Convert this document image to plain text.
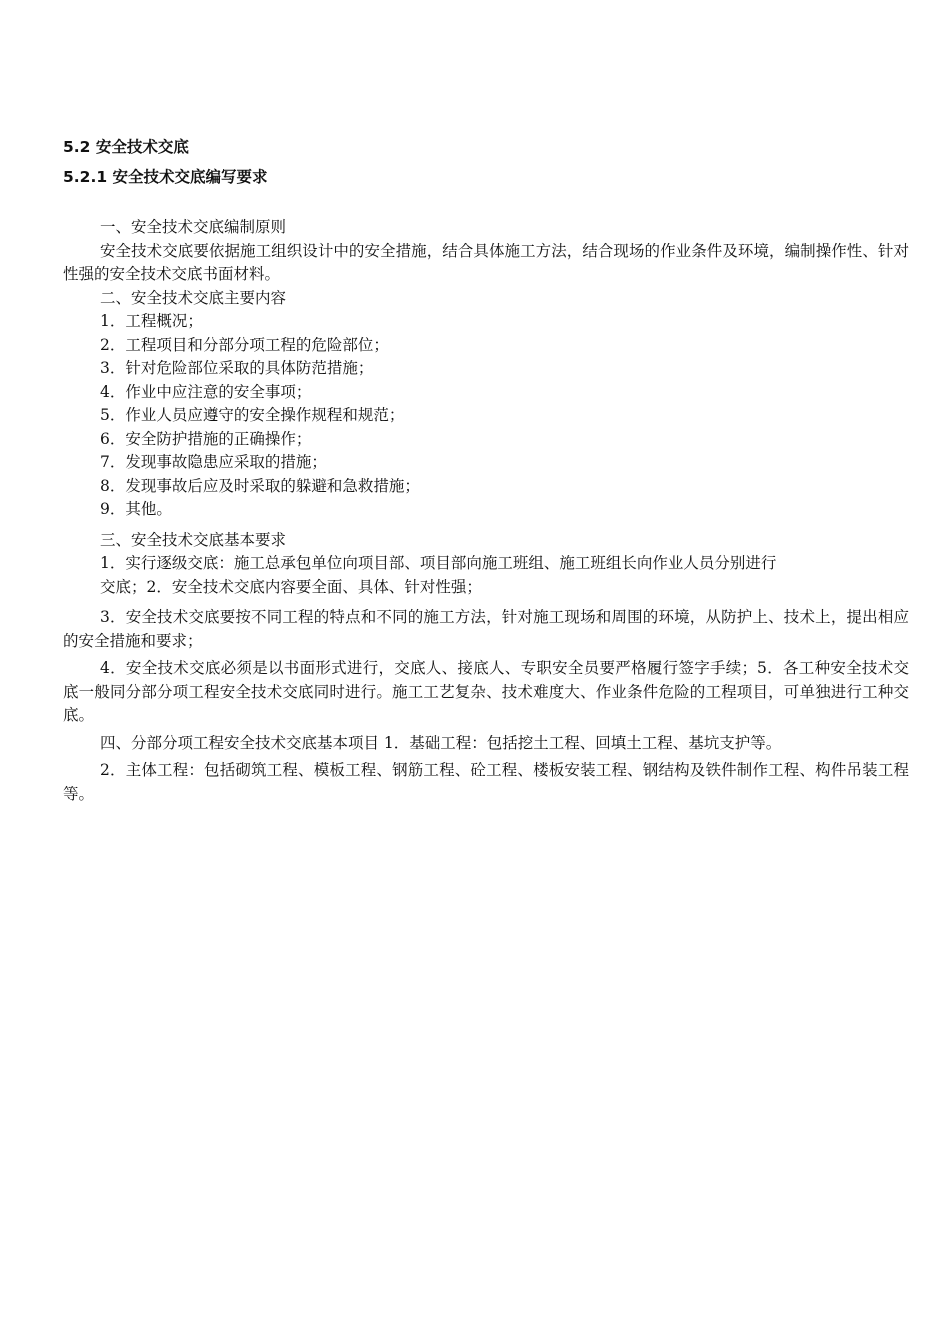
5.2 安全技术交底
5.2.1 安全技术交底编写要求

一、安全技术交底编制原则

安全技术交底要依据施工组织设计中的安全措施，结合具体施工方法，结合现场的作业条件及环境，编制操作性、针对性强的安全技术交底书面材料。

二、安全技术交底主要内容

1．工程概况；

2．工程项目和分部分项工程的危险部位；

3．针对危险部位采取的具体防范措施；

4．作业中应注意的安全事项；

5．作业人员应遵守的安全操作规程和规范；

6．安全防护措施的正确操作；

7．发现事故隐患应采取的措施；

8．发现事故后应及时采取的躲避和急救措施；

9．其他。

三、安全技术交底基本要求

1．实行逐级交底：施工总承包单位向项目部、项目部向施工班组、施工班组长向作业人员分别进行

交底；2．安全技术交底内容要全面、具体、针对性强；

3．安全技术交底要按不同工程的特点和不同的施工方法，针对施工现场和周围的环境，从防护上、技术上，提出相应的安全措施和要求；

4．安全技术交底必须是以书面形式进行，交底人、接底人、专职安全员要严格履行签字手续；5．各工种安全技术交底一般同分部分项工程安全技术交底同时进行。施工工艺复杂、技术难度大、作业条件危险的工程项目，可单独进行工种交底。

四、分部分项工程安全技术交底基本项目 1．基础工程：包括挖土工程、回填土工程、基坑支护等。

2．主体工程：包括砌筑工程、模板工程、钢筋工程、砼工程、楼板安装工程、钢结构及铁件制作工程、构件吊装工程等。
